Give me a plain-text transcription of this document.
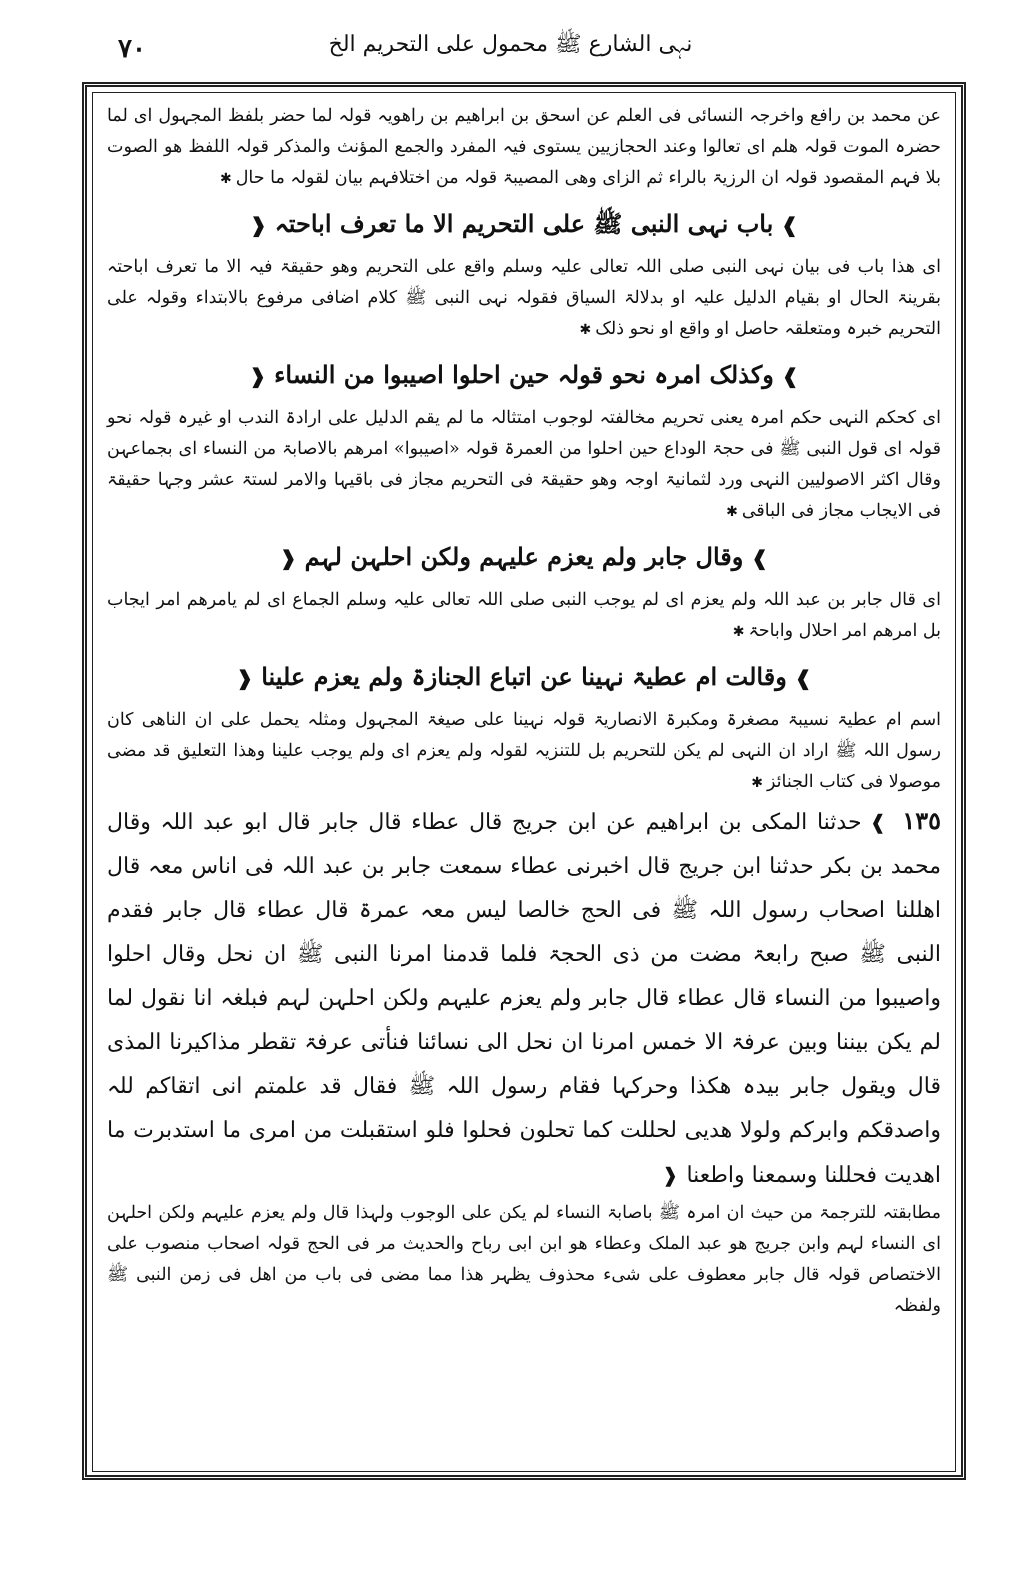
نہی الشارع ﷺ محمول علی التحریم الخ
٧٠

عن محمد بن رافع واخرجہ النسائی فی العلم عن اسحق بن ابراھیم بن راھویہ قولہ لما حضر بلفظ المجہول ای لما حضرہ الموت قولہ ھلم ای تعالوا وعند الحجازیین یستوی فیہ المفرد والجمع المؤنث والمذکر قولہ اللفظ ھو الصوت بلا فہم المقصود قولہ ان الرزیۃ بالراء ثم الزای وھی المصیبۃ قولہ من اختلافہم بیان لقولہ ما حال✱

❱باب نہی النبی ﷺ علی التحریم الا ما تعرف اباحتہ❰

ای ھذا باب فی بیان نہی النبی صلی اللہ تعالی علیہ وسلم واقع علی التحریم وھو حقیقۃ فیہ الا ما تعرف اباحتہ بقرینۃ الحال او بقیام الدلیل علیہ او بدلالۃ السیاق فقولہ نہی النبی ﷺ کلام اضافی مرفوع بالابتداء وقولہ علی التحریم خبرہ ومتعلقہ حاصل او واقع او نحو ذلک✱

❱وکذلک امرہ نحو قولہ حین احلوا اصیبوا من النساء❰

ای کحکم النہی حکم امرہ یعنی تحریم مخالفتہ لوجوب امتثالہ ما لم یقم الدلیل علی ارادۃ الندب او غیرہ قولہ نحو قولہ ای قول النبی ﷺ فی حجۃ الوداع حین احلوا من العمرۃ قولہ «اصیبوا» امرھم بالاصابۃ من النساء ای بجماعہن وقال اکثر الاصولیین النہی ورد لثمانیۃ اوجہ وھو حقیقۃ فی التحریم مجاز فی باقیہا والامر لستۃ عشر وجہا حقیقۃ فی الایجاب مجاز فی الباقی✱

❱وقال جابر ولم یعزم علیہم ولکن احلہن لہم❰

ای قال جابر بن عبد اللہ ولم یعزم ای لم یوجب النبی صلی اللہ تعالی علیہ وسلم الجماع ای لم یامرھم امر ایجاب بل امرھم امر احلال واباحۃ✱

❱وقالت ام عطیۃ نہینا عن اتباع الجنازۃ ولم یعزم علینا❰

اسم ام عطیۃ نسیبۃ مصغرۃ ومکبرۃ الانصاریۃ قولہ نہینا علی صیغۃ المجہول ومثلہ یحمل علی ان الناھی کان رسول اللہ ﷺ اراد ان النہی لم یکن للتحریم بل للتنزیہ لقولہ ولم یعزم ای ولم یوجب علینا وھذا التعلیق قد مضی موصولا فی کتاب الجنائز✱

١٣٥❱حدثنا المکی بن ابراھیم عن ابن جریج قال عطاء قال جابر قال ابو عبد اللہ وقال محمد بن بکر حدثنا ابن جریج قال اخبرنی عطاء سمعت جابر بن عبد اللہ فی اناس معہ قال اھللنا اصحاب رسول اللہ ﷺ فی الحج خالصا لیس معہ عمرۃ قال عطاء قال جابر فقدم النبی ﷺ صبح رابعۃ مضت من ذی الحجۃ فلما قدمنا امرنا النبی ﷺ ان نحل وقال احلوا واصیبوا من النساء قال عطاء قال جابر ولم یعزم علیہم ولکن احلہن لہم فبلغہ انا نقول لما لم یکن بیننا وبین عرفۃ الا خمس امرنا ان نحل الی نسائنا فنأتی عرفۃ تقطر مذاکیرنا المذی قال ویقول جابر بیدہ ھکذا وحرکہا فقام رسول اللہ ﷺ فقال قد علمتم انی اتقاکم للہ واصدقکم وابرکم ولولا ھدیی لحللت کما تحلون فحلوا فلو استقبلت من امری ما استدبرت ما اھدیت فحللنا وسمعنا واطعنا❰

مطابقتہ للترجمۃ من حیث ان امرہ ﷺ باصابۃ النساء لم یکن علی الوجوب ولہذا قال ولم یعزم علیہم ولکن احلہن ای النساء لہم وابن جریج ھو عبد الملک وعطاء ھو ابن ابی رباح والحدیث مر فی الحج قولہ اصحاب منصوب علی الاختصاص قولہ قال جابر معطوف علی شیء محذوف یظہر ھذا مما مضی فی باب من اھل فی زمن النبی ﷺ ولفظہ
